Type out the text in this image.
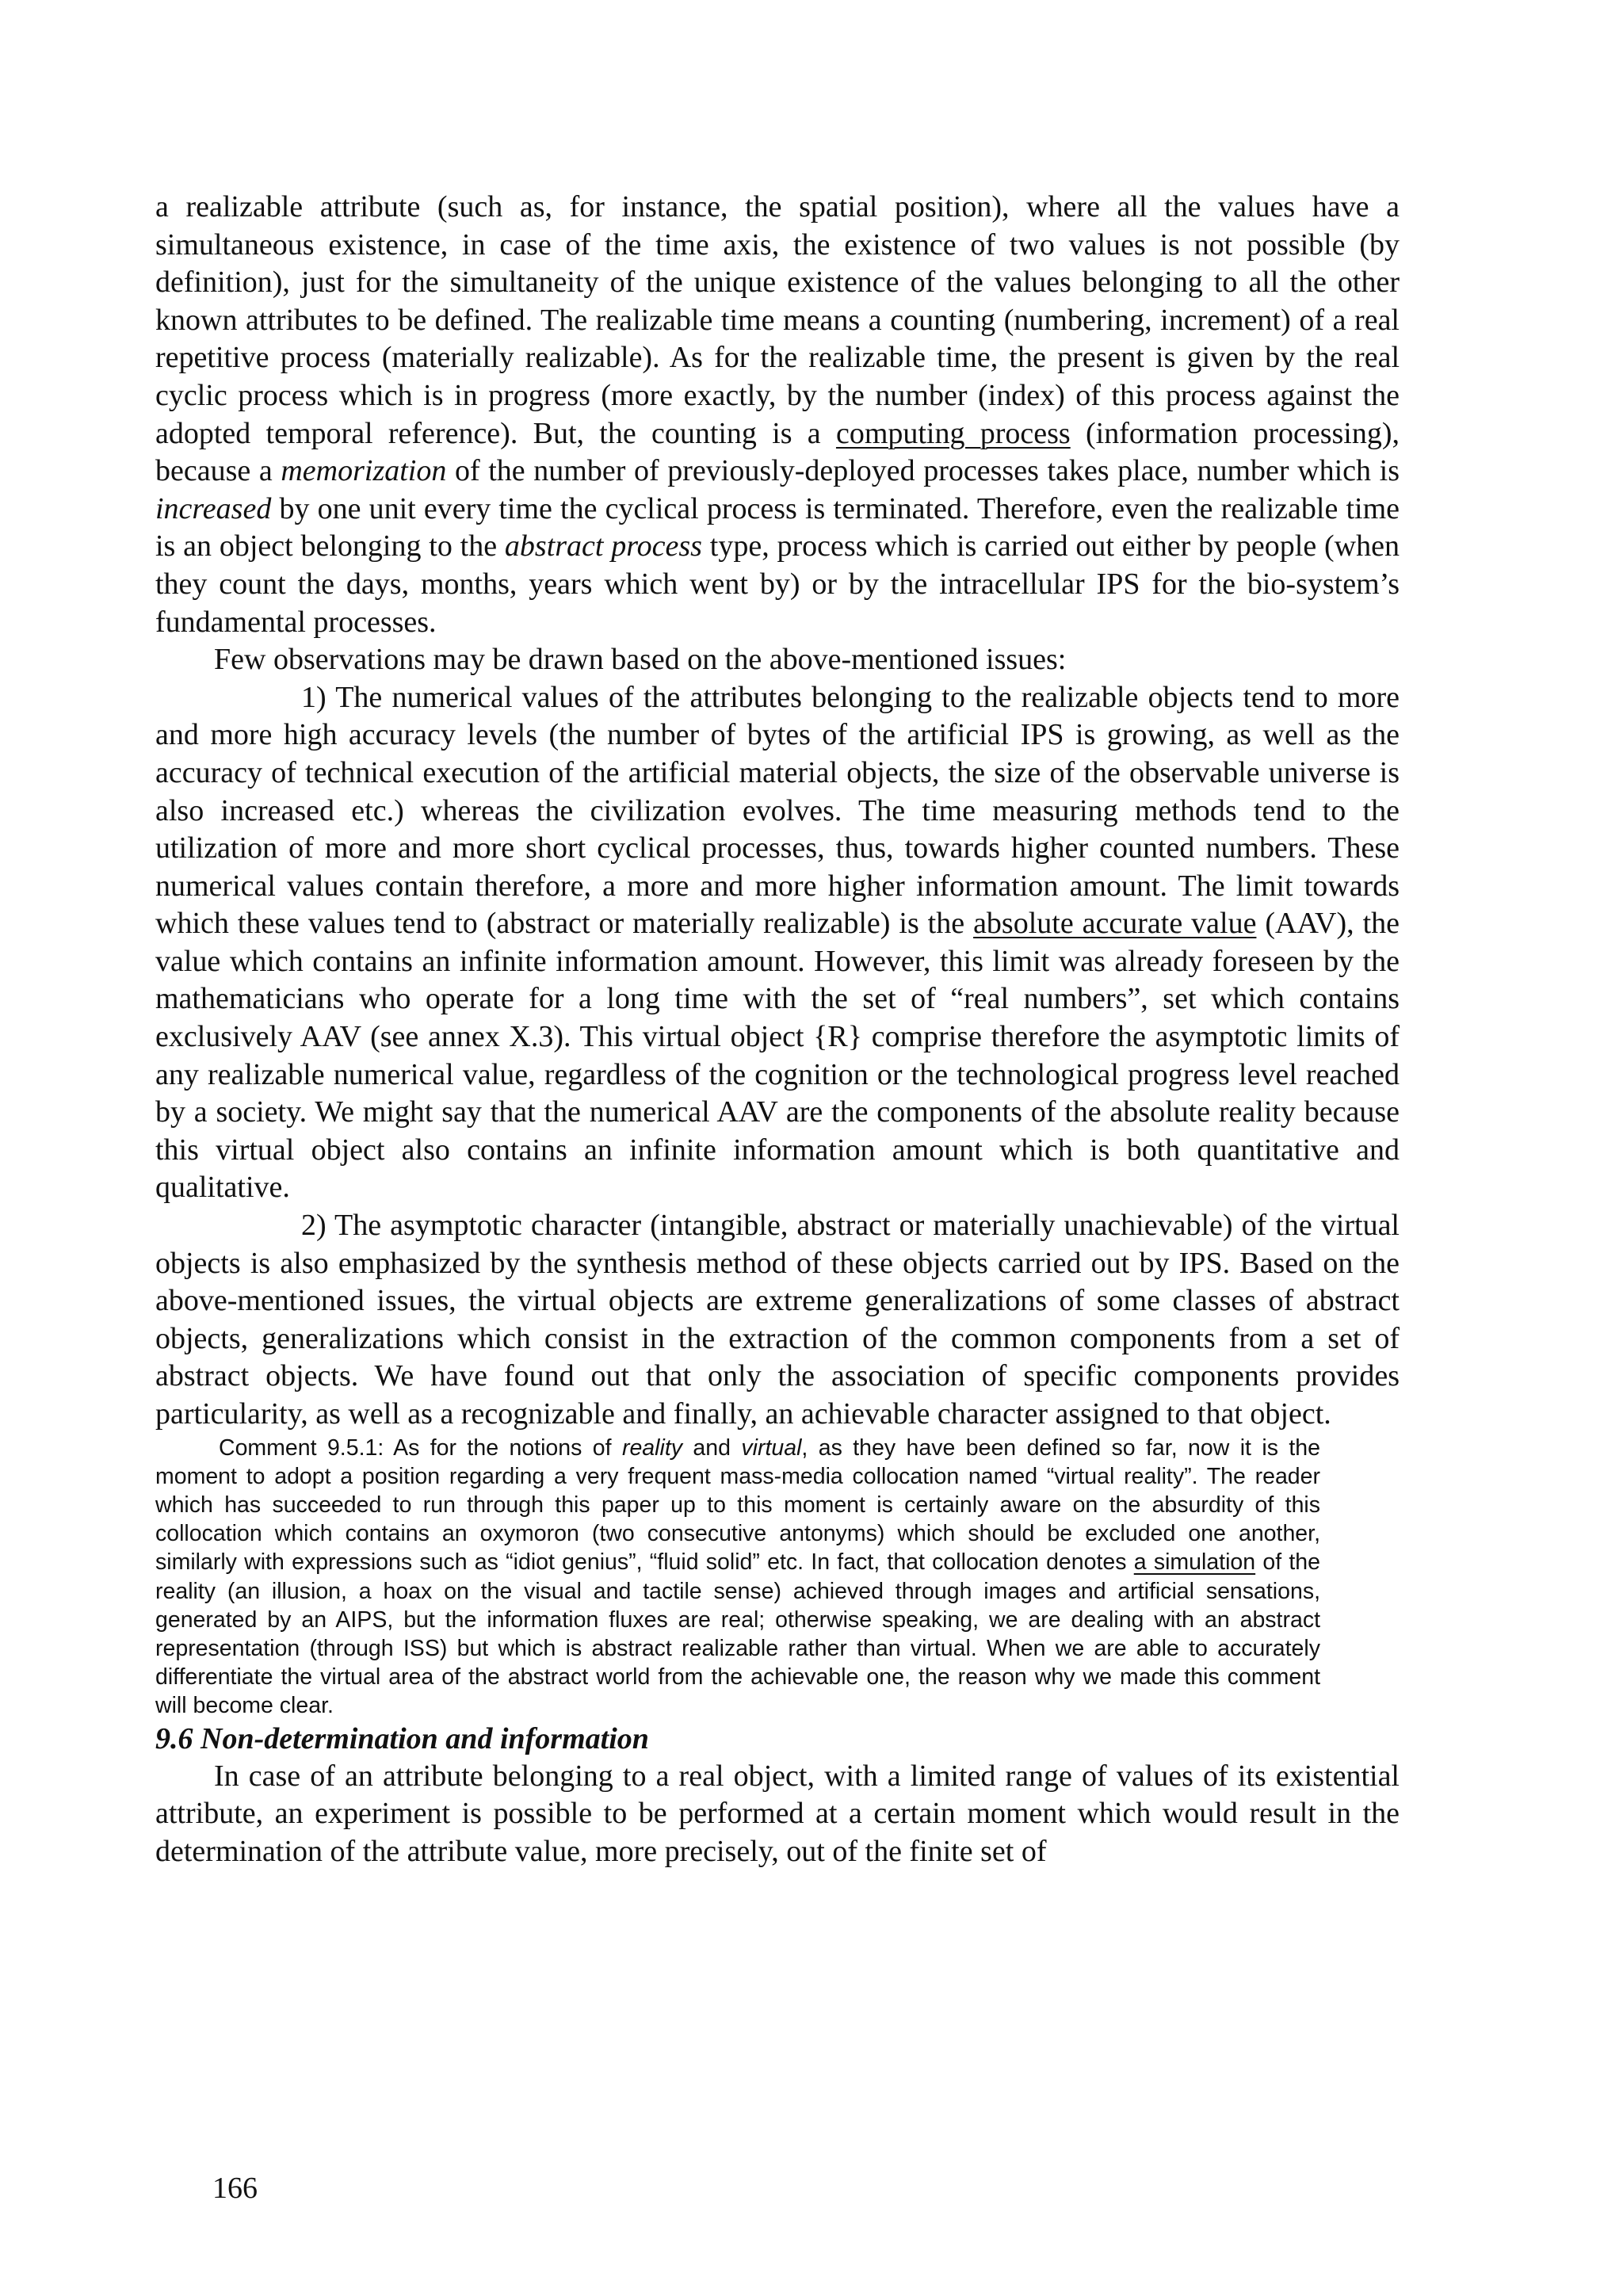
a realizable attribute (such as, for instance, the spatial position), where all the values have a simultaneous existence, in case of the time axis, the existence of two values is not possible (by definition), just for the simultaneity of the unique existence of the values belonging to all the other known attributes to be defined. The realizable time means a counting (numbering, increment) of a real repetitive process (materially realizable). As for the realizable time, the present is given by the real cyclic process which is in progress (more exactly, by the number (index) of this process against the adopted temporal reference). But, the counting is a computing process (information processing), because a memorization of the number of previously-deployed processes takes place, number which is increased by one unit every time the cyclical process is terminated. Therefore, even the realizable time is an object belonging to the abstract process type, process which is carried out either by people (when they count the days, months, years which went by) or by the intracellular IPS for the bio-system’s fundamental processes.

Few observations may be drawn based on the above-mentioned issues:

1) The numerical values of the attributes belonging to the realizable objects tend to more and more high accuracy levels (the number of bytes of the artificial IPS is growing, as well as the accuracy of technical execution of the artificial material objects, the size of the observable universe is also increased etc.) whereas the civilization evolves. The time measuring methods tend to the utilization of more and more short cyclical processes, thus, towards higher counted numbers. These numerical values contain therefore, a more and more higher information amount. The limit towards which these values tend to (abstract or materially realizable) is the absolute accurate value (AAV), the value which contains an infinite information amount. However, this limit was already foreseen by the mathematicians who operate for a long time with the set of “real numbers”, set which contains exclusively AAV (see annex X.3). This virtual object {R} comprise therefore the asymptotic limits of any realizable numerical value, regardless of the cognition or the technological progress level reached by a society. We might say that the numerical AAV are the components of the absolute reality because this virtual object also contains an infinite information amount which is both quantitative and qualitative.

2) The asymptotic character (intangible, abstract or materially unachievable) of the virtual objects is also emphasized by the synthesis method of these objects carried out by IPS. Based on the above-mentioned issues, the virtual objects are extreme generalizations of some classes of abstract objects, generalizations which consist in the extraction of the common components from a set of abstract objects. We have found out that only the association of specific components provides particularity, as well as a recognizable and finally, an achievable character assigned to that object.

Comment 9.5.1: As for the notions of reality and virtual, as they have been defined so far, now it is the moment to adopt a position regarding a very frequent mass-media collocation named “virtual reality”. The reader which has succeeded to run through this paper up to this moment is certainly aware on the absurdity of this collocation which contains an oxymoron (two consecutive antonyms) which should be excluded one another, similarly with expressions such as “idiot genius”, “fluid solid” etc. In fact, that collocation denotes a simulation of the reality (an illusion, a hoax on the visual and tactile sense) achieved through images and artificial sensations, generated by an AIPS, but the information fluxes are real; otherwise speaking, we are dealing with an abstract representation (through ISS) but which is abstract realizable rather than virtual. When we are able to accurately differentiate the virtual area of the abstract world from the achievable one, the reason why we made this comment will become clear.

9.6 Non-determination and information

In case of an attribute belonging to a real object, with a limited range of values of its existential attribute, an experiment is possible to be performed at a certain moment which would result in the determination of the attribute value, more precisely, out of the finite set of

166
